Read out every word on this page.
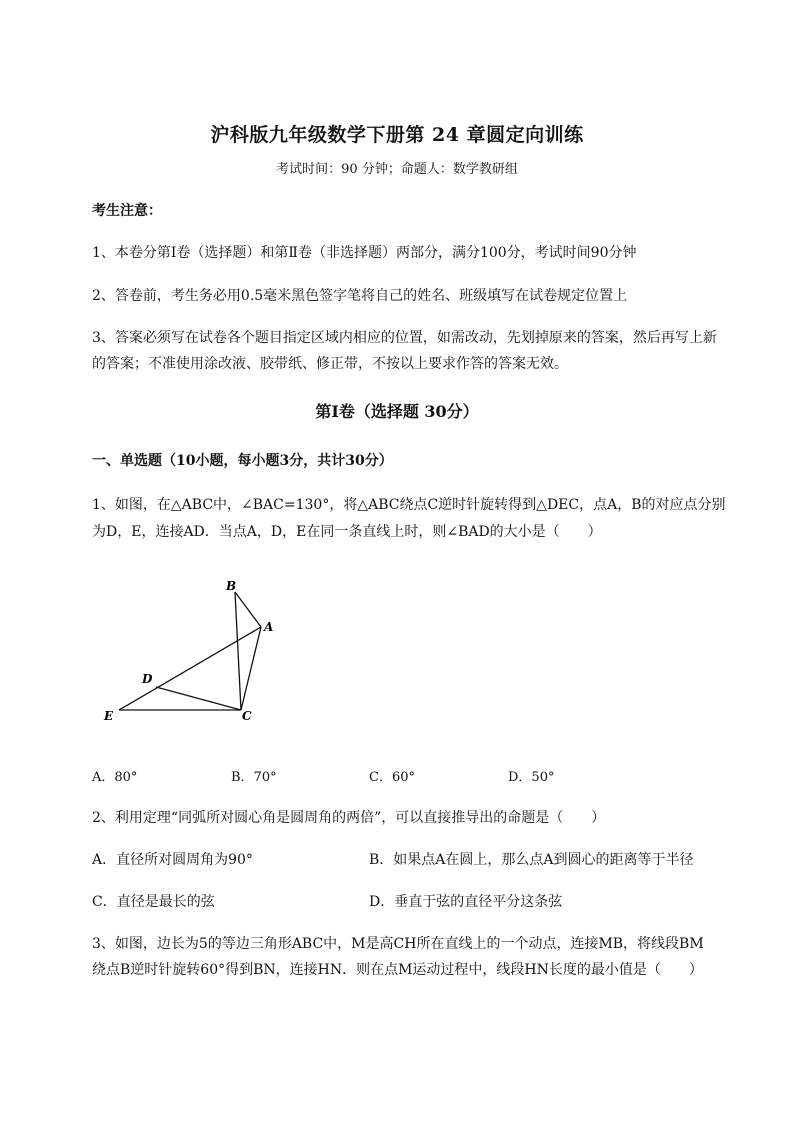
沪科版九年级数学下册第 24 章圆定向训练
考试时间：90 分钟；命题人：数学教研组
考生注意：
1、本卷分第Ⅰ卷（选择题）和第Ⅱ卷（非选择题）两部分，满分100分，考试时间90分钟
2、答卷前，考生务必用0.5毫米黑色签字笔将自己的姓名、班级填写在试卷规定位置上
3、答案必须写在试卷各个题目指定区域内相应的位置，如需改动，先划掉原来的答案，然后再写上新
的答案；不准使用涂改液、胶带纸、修正带，不按以上要求作答的答案无效。
第Ⅰ卷（选择题 30分）
一、单选题（10小题，每小题3分，共计30分）
1、如图，在△ABC中，∠BAC=130°，将△ABC绕点C逆时针旋转得到△DEC，点A，B的对应点分别
为D，E，连接AD．当点A，D，E在同一条直线上时，则∠BAD的大小是（　　）
B
A
D
E	C
A．80°	B．70°	C．60°	D．50°
2、利用定理“同弧所对圆心角是圆周角的两倍”，可以直接推导出的命题是（　　）
A．直径所对圆周角为90°	B．如果点A在圆上，那么点A到圆心的距离等于半径
C．直径是最长的弦	D．垂直于弦的直径平分这条弦
3、如图，边长为5的等边三角形ABC中，M是高CH所在直线上的一个动点，连接MB，将线段BM
绕点B逆时针旋转60°得到BN，连接HN．则在点M运动过程中，线段HN长度的最小值是（　　）
